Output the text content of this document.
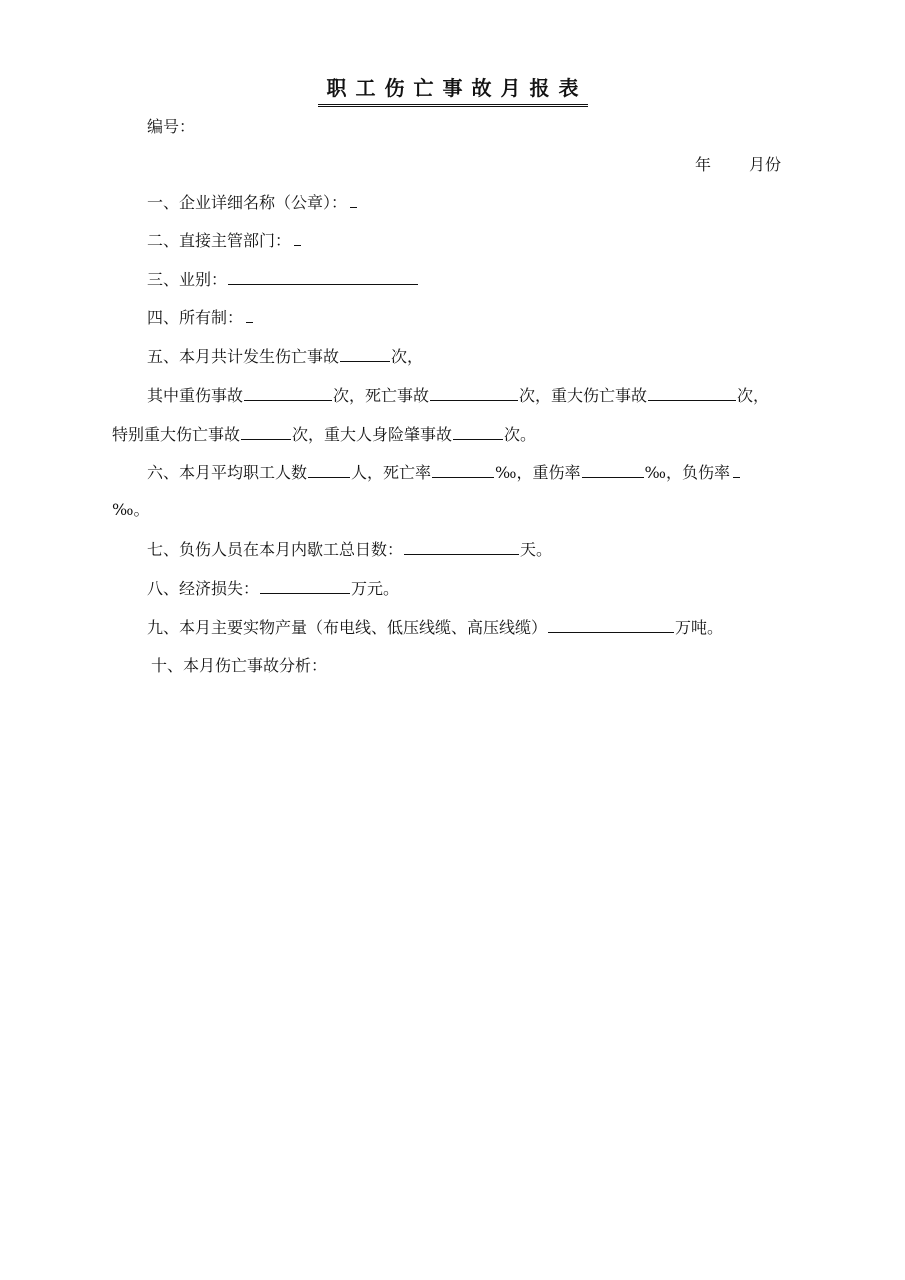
职工伤亡事故月报表
编号：
年 月份
一、企业详细名称（公章）：
二、直接主管部门：
三、业别：
四、所有制：
五、本月共计发生伤亡事故	次，
其中重伤事故	次，死亡事故	次，重大伤亡事故	次，
特别重大伤亡事故	次，重大人身险肇事故	次。
六、本月平均职工人数	人，死亡率	‰，重伤率	‰，负伤率
‰。
七、负伤人员在本月内歇工总日数：	天。
八、经济损失：	万元。
九、本月主要实物产量（布电线、低压线缆、高压线缆）	万吨。
十、本月伤亡事故分析：
